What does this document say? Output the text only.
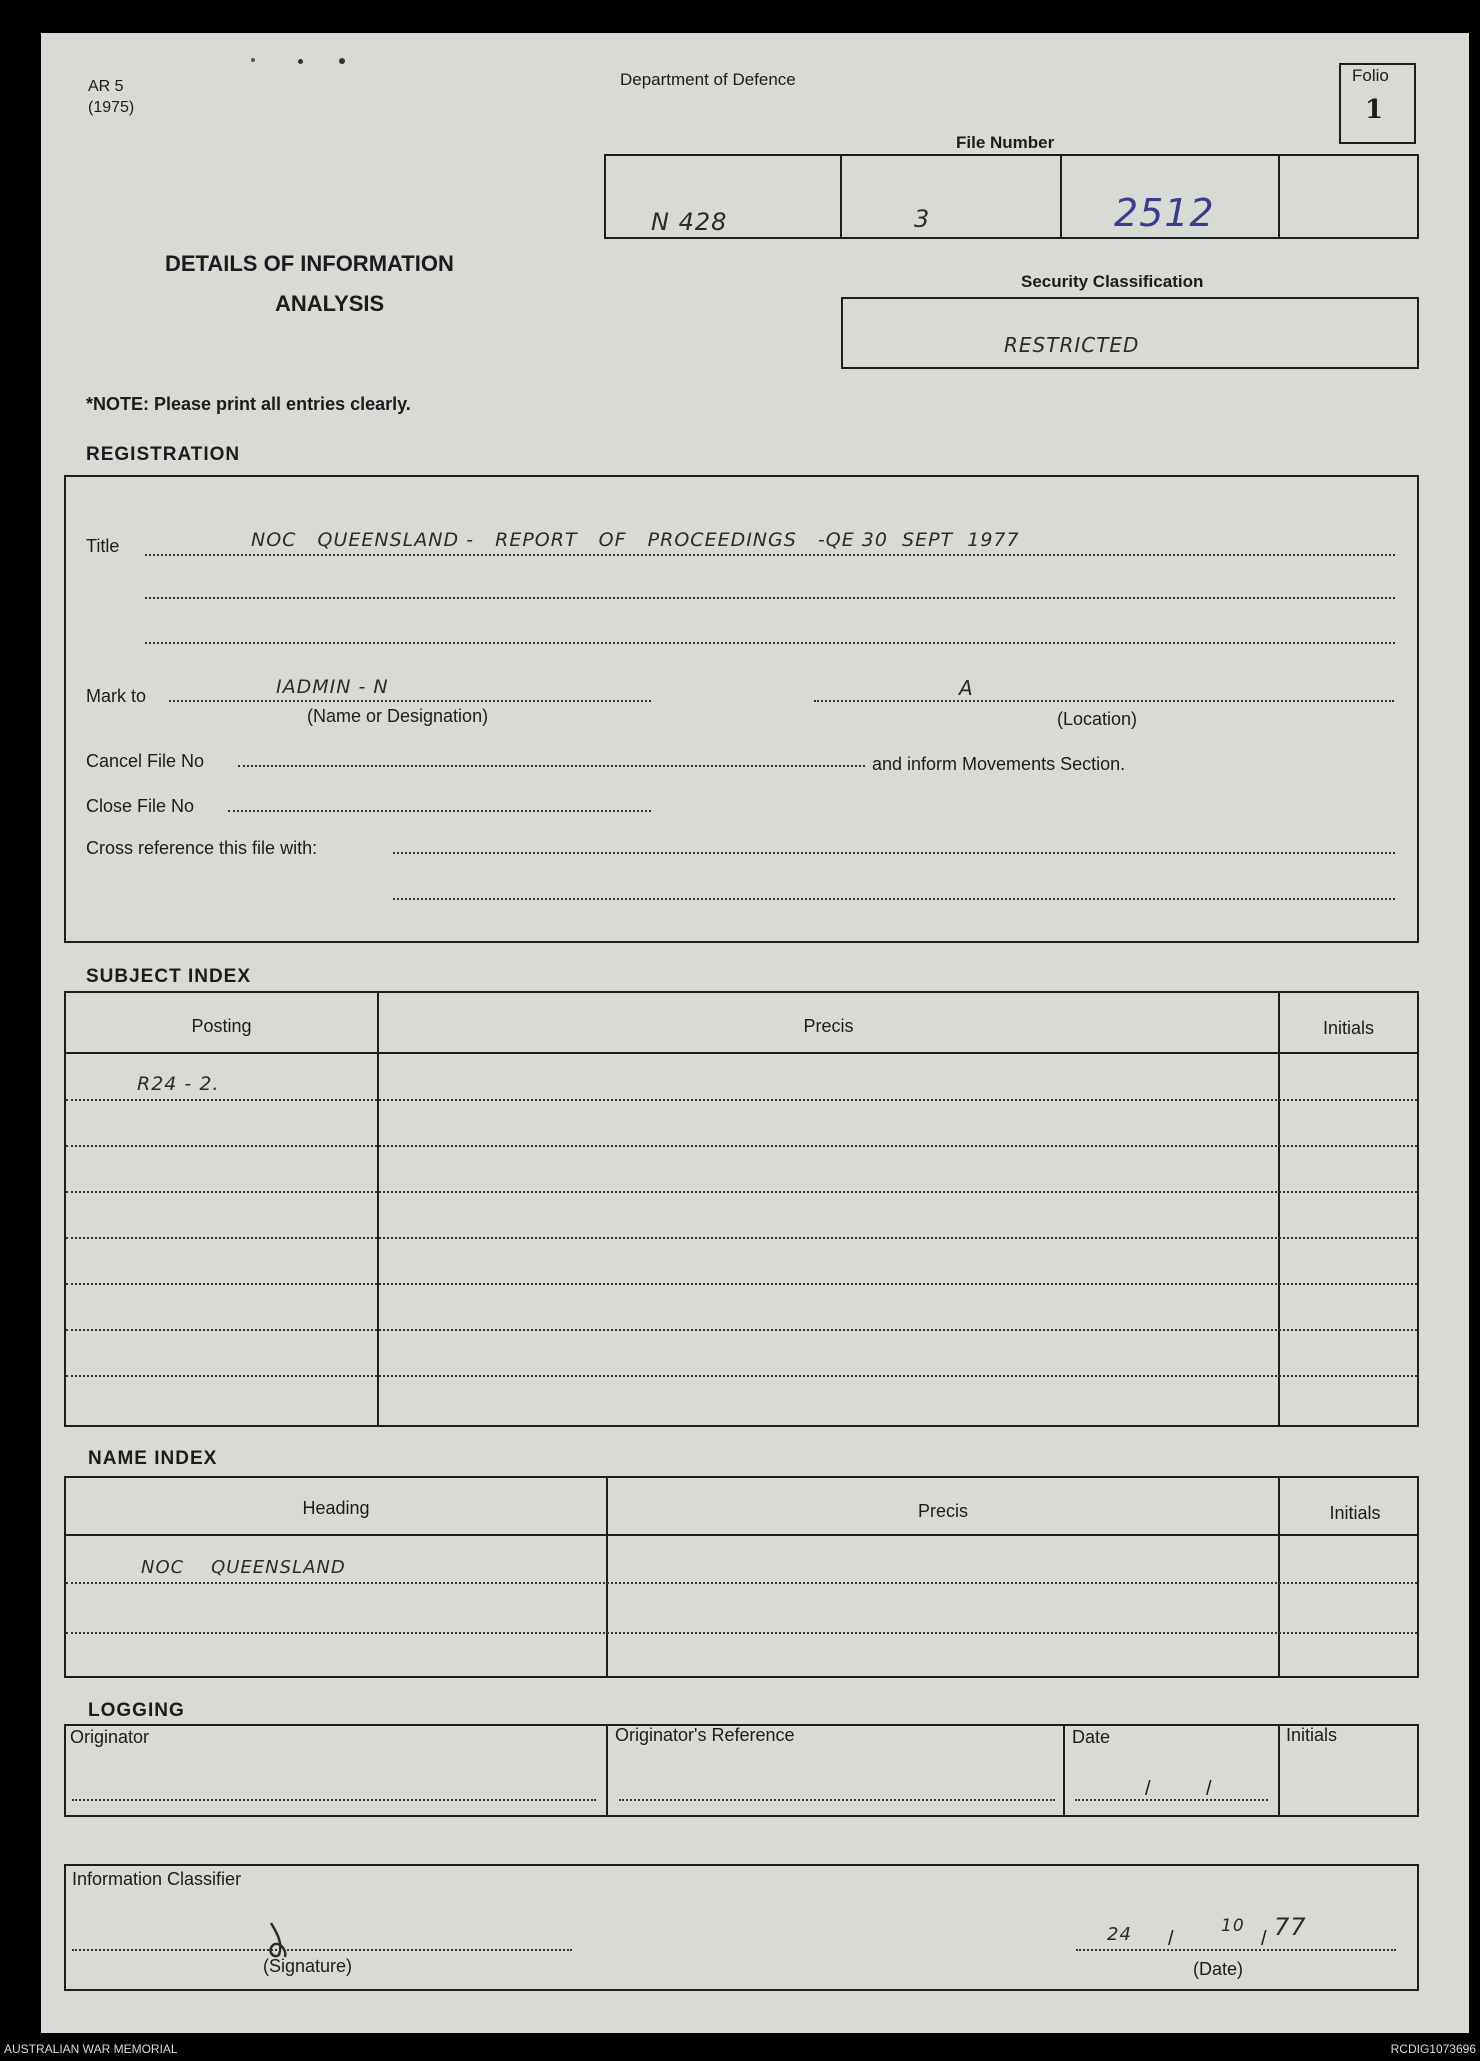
AR 5
(1975)
Department of Defence	Folio
1
File Number
N 428	3	2512
DETAILS OF INFORMATION
ANALYSIS
Security Classification
RESTRICTED
*NOTE: Please print all entries clearly.
REGISTRATION
Title	NOC   QUEENSLAND -   REPORT   OF   PROCEEDINGS   -QE 30  SEPT  1977
Mark to	IADMIN - N
(Name or Designation)
A
(Location)
Cancel File No	and inform Movements Section.
Close File No
Cross reference this file with:
SUBJECT INDEX
Posting	Precis	Initials
R24 - 2.
NAME INDEX
Heading	Precis	Initials
NOC    QUEENSLAND
LOGGING
Originator	Originator's Reference	Date	Initials
/	/
Information Classifier
(Signature)
24 /
10
/ 77
(Date)
AUSTRALIAN WAR MEMORIAL	RCDIG1073696
